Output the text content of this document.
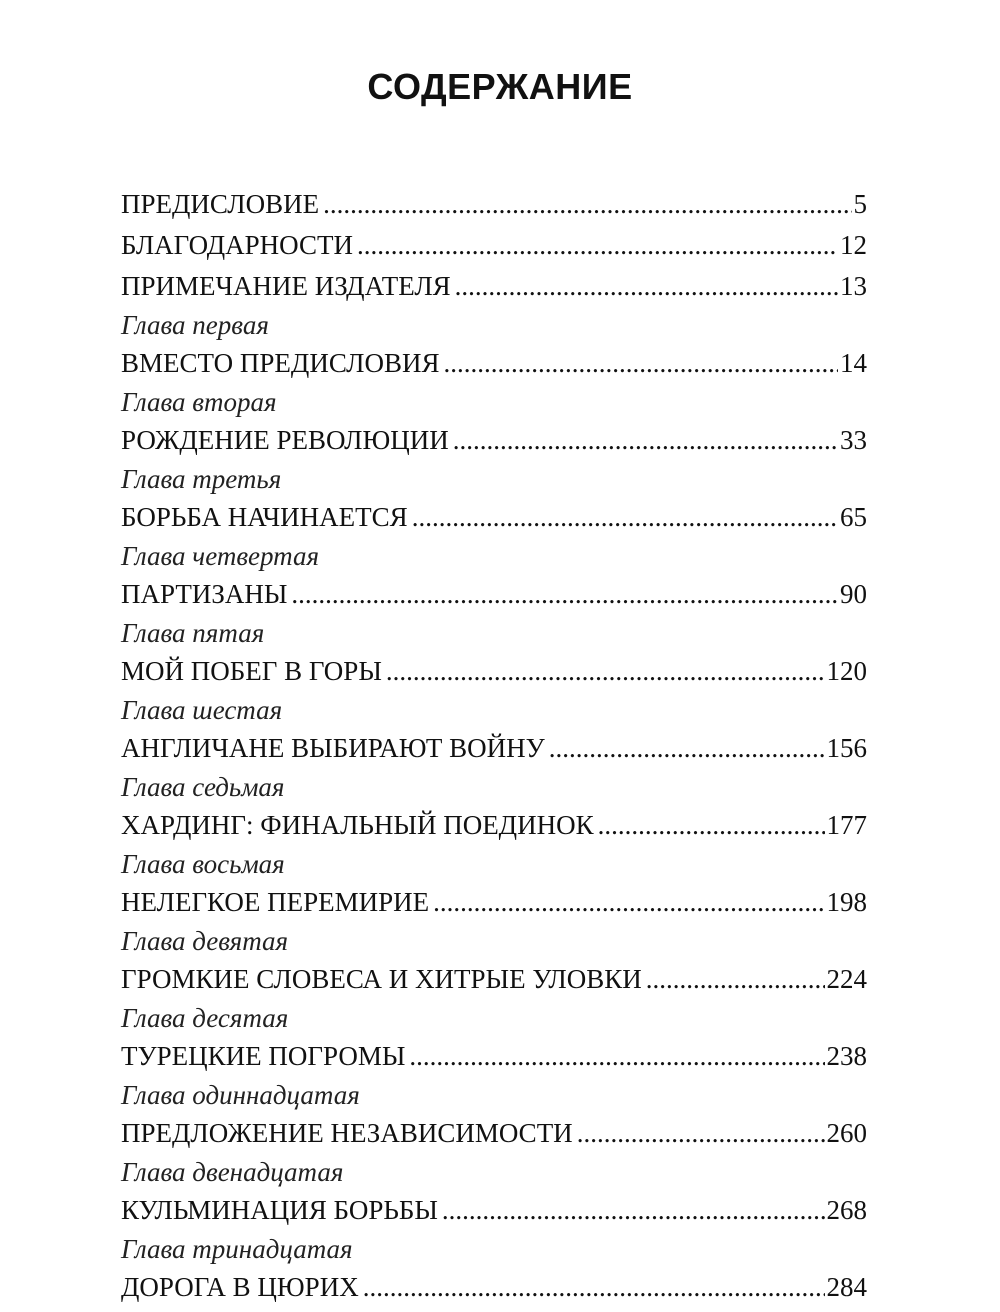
СОДЕРЖАНИЕ
ПРЕДИСЛОВИЕ .....	5
БЛАГОДАРНОСТИ .....	12
ПРИМЕЧАНИЕ ИЗДАТЕЛЯ .....	13
Глава первая
ВМЕСТО ПРЕДИСЛОВИЯ .....	14
Глава вторая
РОЖДЕНИЕ РЕВОЛЮЦИИ .....	33
Глава третья
БОРЬБА НАЧИНАЕТСЯ .....	65
Глава четвертая
ПАРТИЗАНЫ .....	90
Глава пятая
МОЙ ПОБЕГ В ГОРЫ .....	120
Глава шестая
АНГЛИЧАНЕ ВЫБИРАЮТ ВОЙНУ .....	156
Глава седьмая
ХАРДИНГ: ФИНАЛЬНЫЙ ПОЕДИНОК .....	177
Глава восьмая
НЕЛЕГКОЕ ПЕРЕМИРИЕ .....	198
Глава девятая
ГРОМКИЕ СЛОВЕСА И ХИТРЫЕ УЛОВКИ .....	224
Глава десятая
ТУРЕЦКИЕ ПОГРОМЫ .....	238
Глава одиннадцатая
ПРЕДЛОЖЕНИЕ НЕЗАВИСИМОСТИ .....	260
Глава двенадцатая
КУЛЬМИНАЦИЯ БОРЬБЫ .....	268
Глава тринадцатая
ДОРОГА В ЦЮРИХ .....	284
